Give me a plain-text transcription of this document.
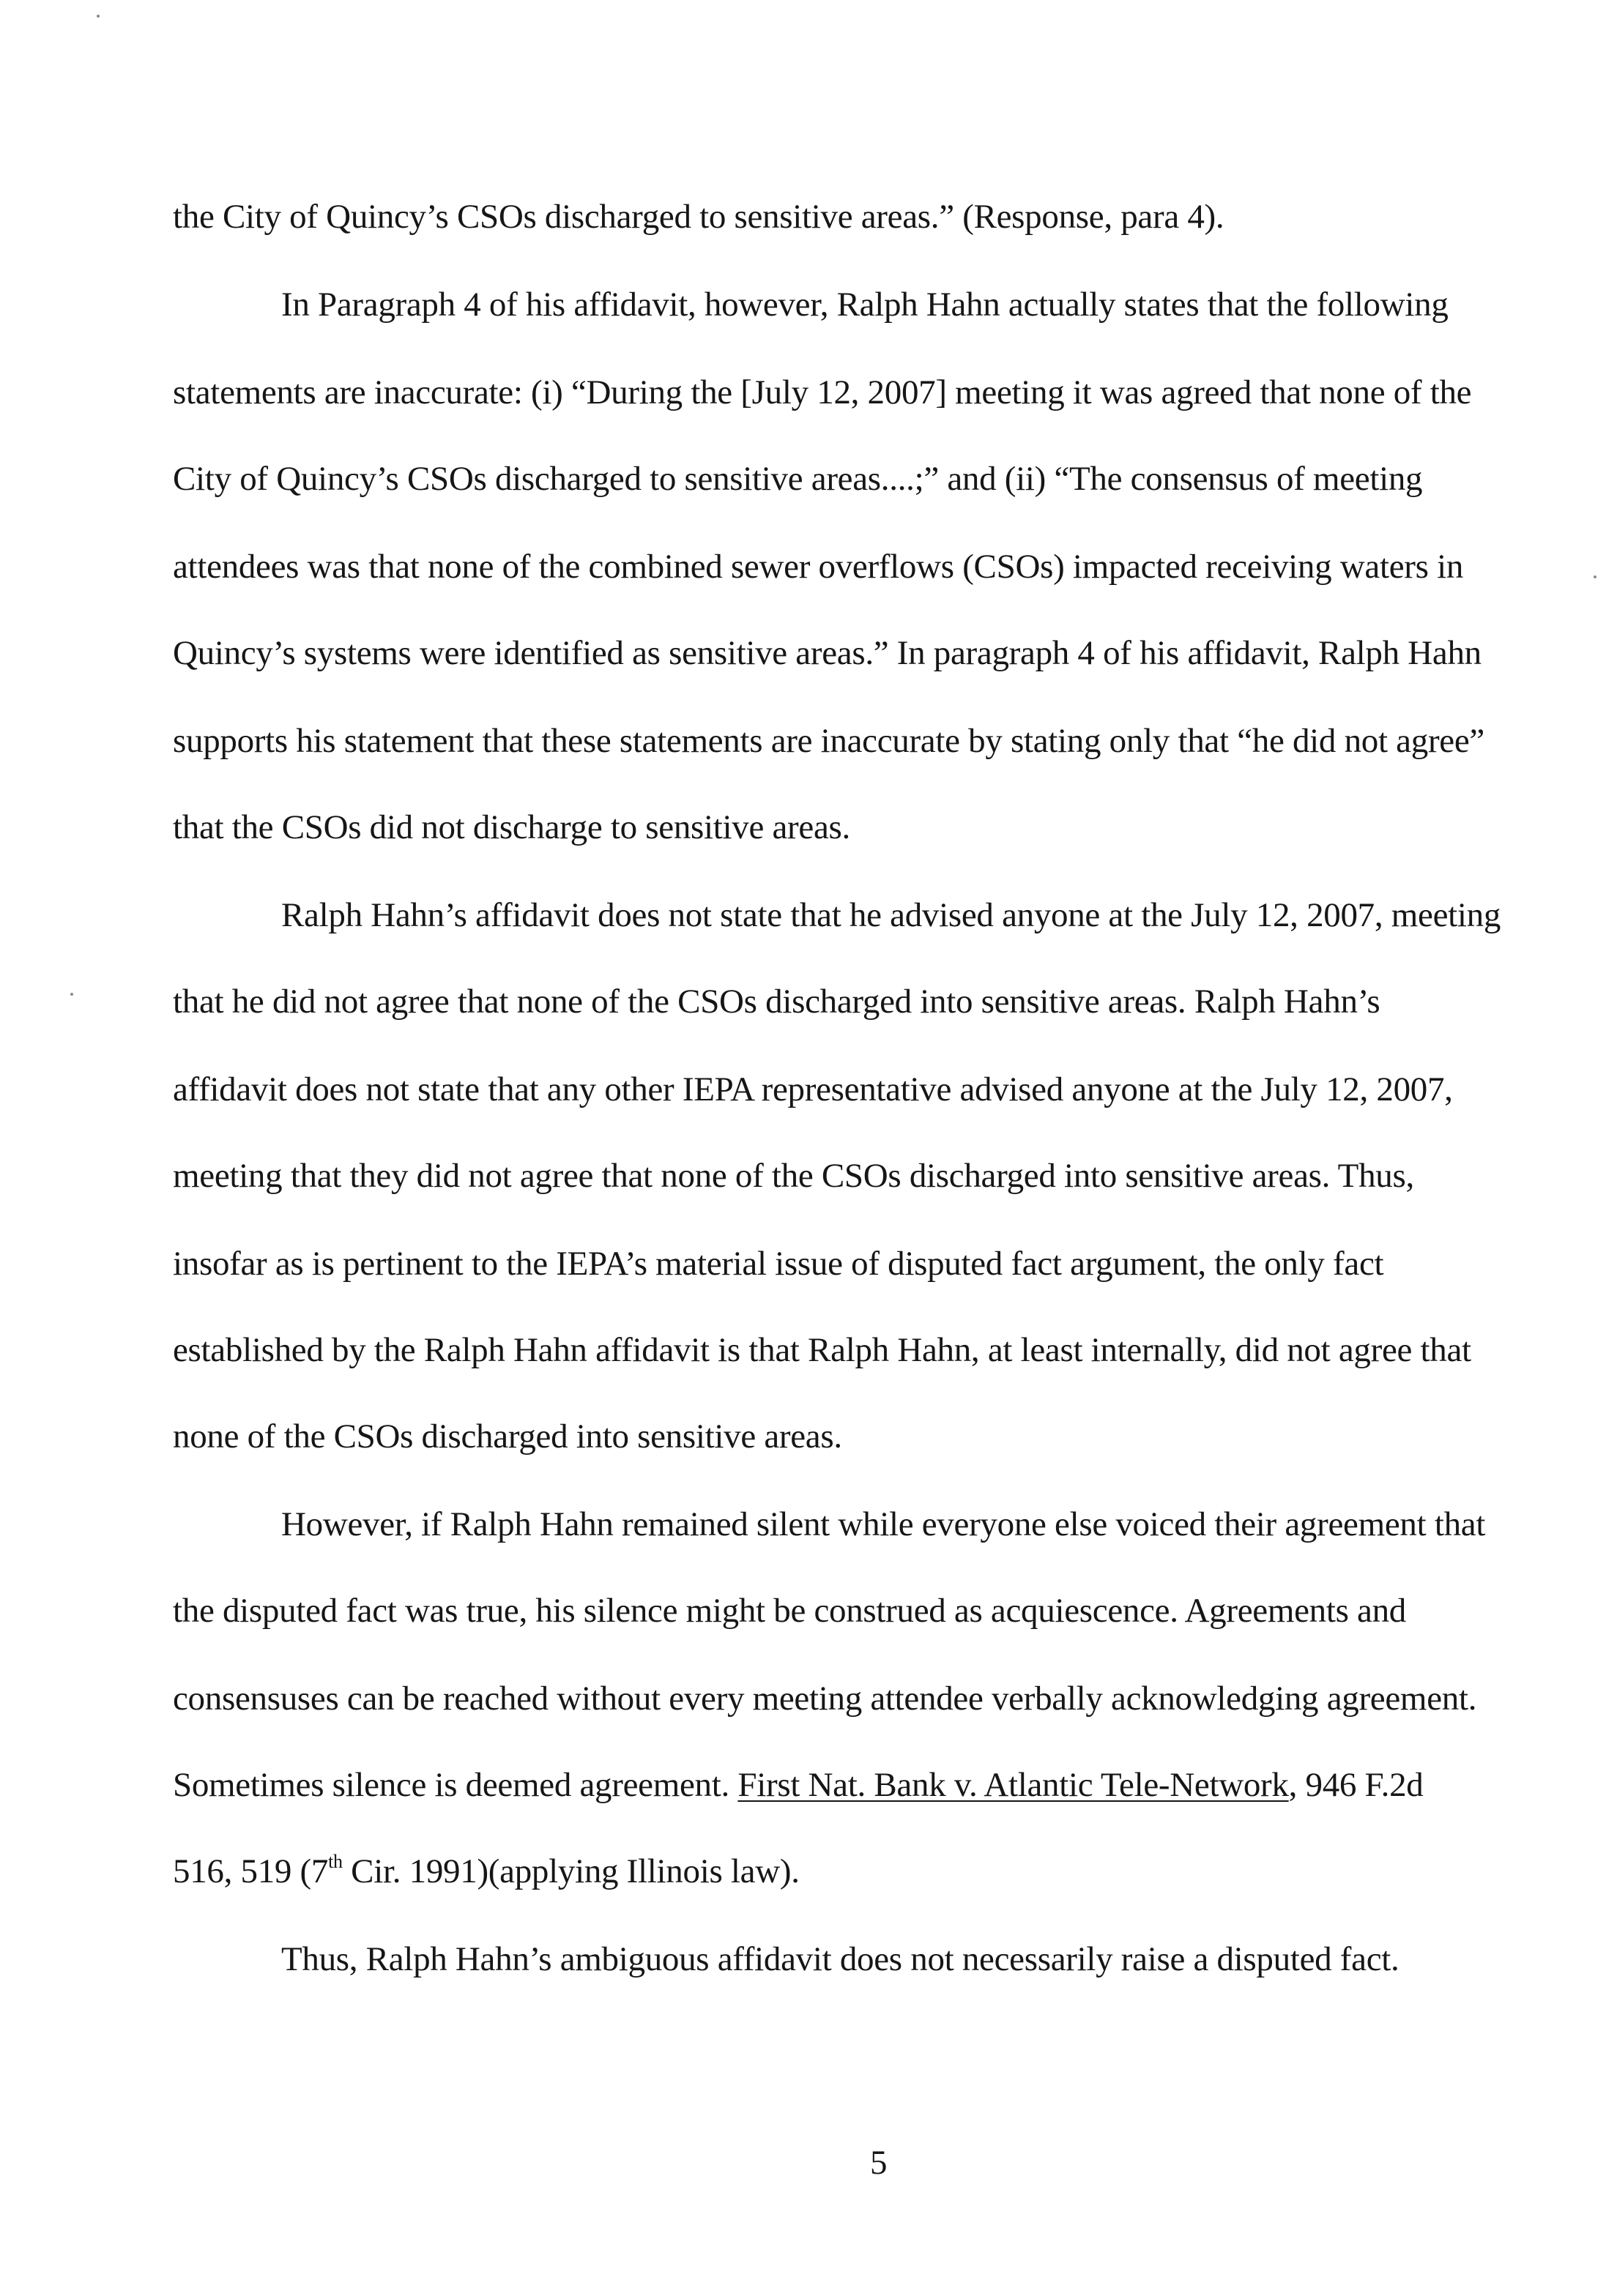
the City of Quincy’s CSOs discharged to sensitive areas.” (Response, para 4).
In Paragraph 4 of his affidavit, however, Ralph Hahn actually states that the following
statements are inaccurate: (i) “During the [July 12, 2007] meeting it was agreed that none of the
City of Quincy’s CSOs discharged to sensitive areas....;” and (ii) “The consensus of meeting
attendees was that none of the combined sewer overflows (CSOs) impacted receiving waters in
Quincy’s systems were identified as sensitive areas.” In paragraph 4 of his affidavit, Ralph Hahn
supports his statement that these statements are inaccurate by stating only that “he did not agree”
that the CSOs did not discharge to sensitive areas.
Ralph Hahn’s affidavit does not state that he advised anyone at the July 12, 2007, meeting
that he did not agree that none of the CSOs discharged into sensitive areas. Ralph Hahn’s
affidavit does not state that any other IEPA representative advised anyone at the July 12, 2007,
meeting that they did not agree that none of the CSOs discharged into sensitive areas. Thus,
insofar as is pertinent to the IEPA’s material issue of disputed fact argument, the only fact
established by the Ralph Hahn affidavit is that Ralph Hahn, at least internally, did not agree that
none of the CSOs discharged into sensitive areas.
However, if Ralph Hahn remained silent while everyone else voiced their agreement that
the disputed fact was true, his silence might be construed as acquiescence. Agreements and
consensuses can be reached without every meeting attendee verbally acknowledging agreement.
Sometimes silence is deemed agreement. First Nat. Bank v. Atlantic Tele-Network, 946 F.2d
516, 519 (7th Cir. 1991)(applying Illinois law).
Thus, Ralph Hahn’s ambiguous affidavit does not necessarily raise a disputed fact.
5
